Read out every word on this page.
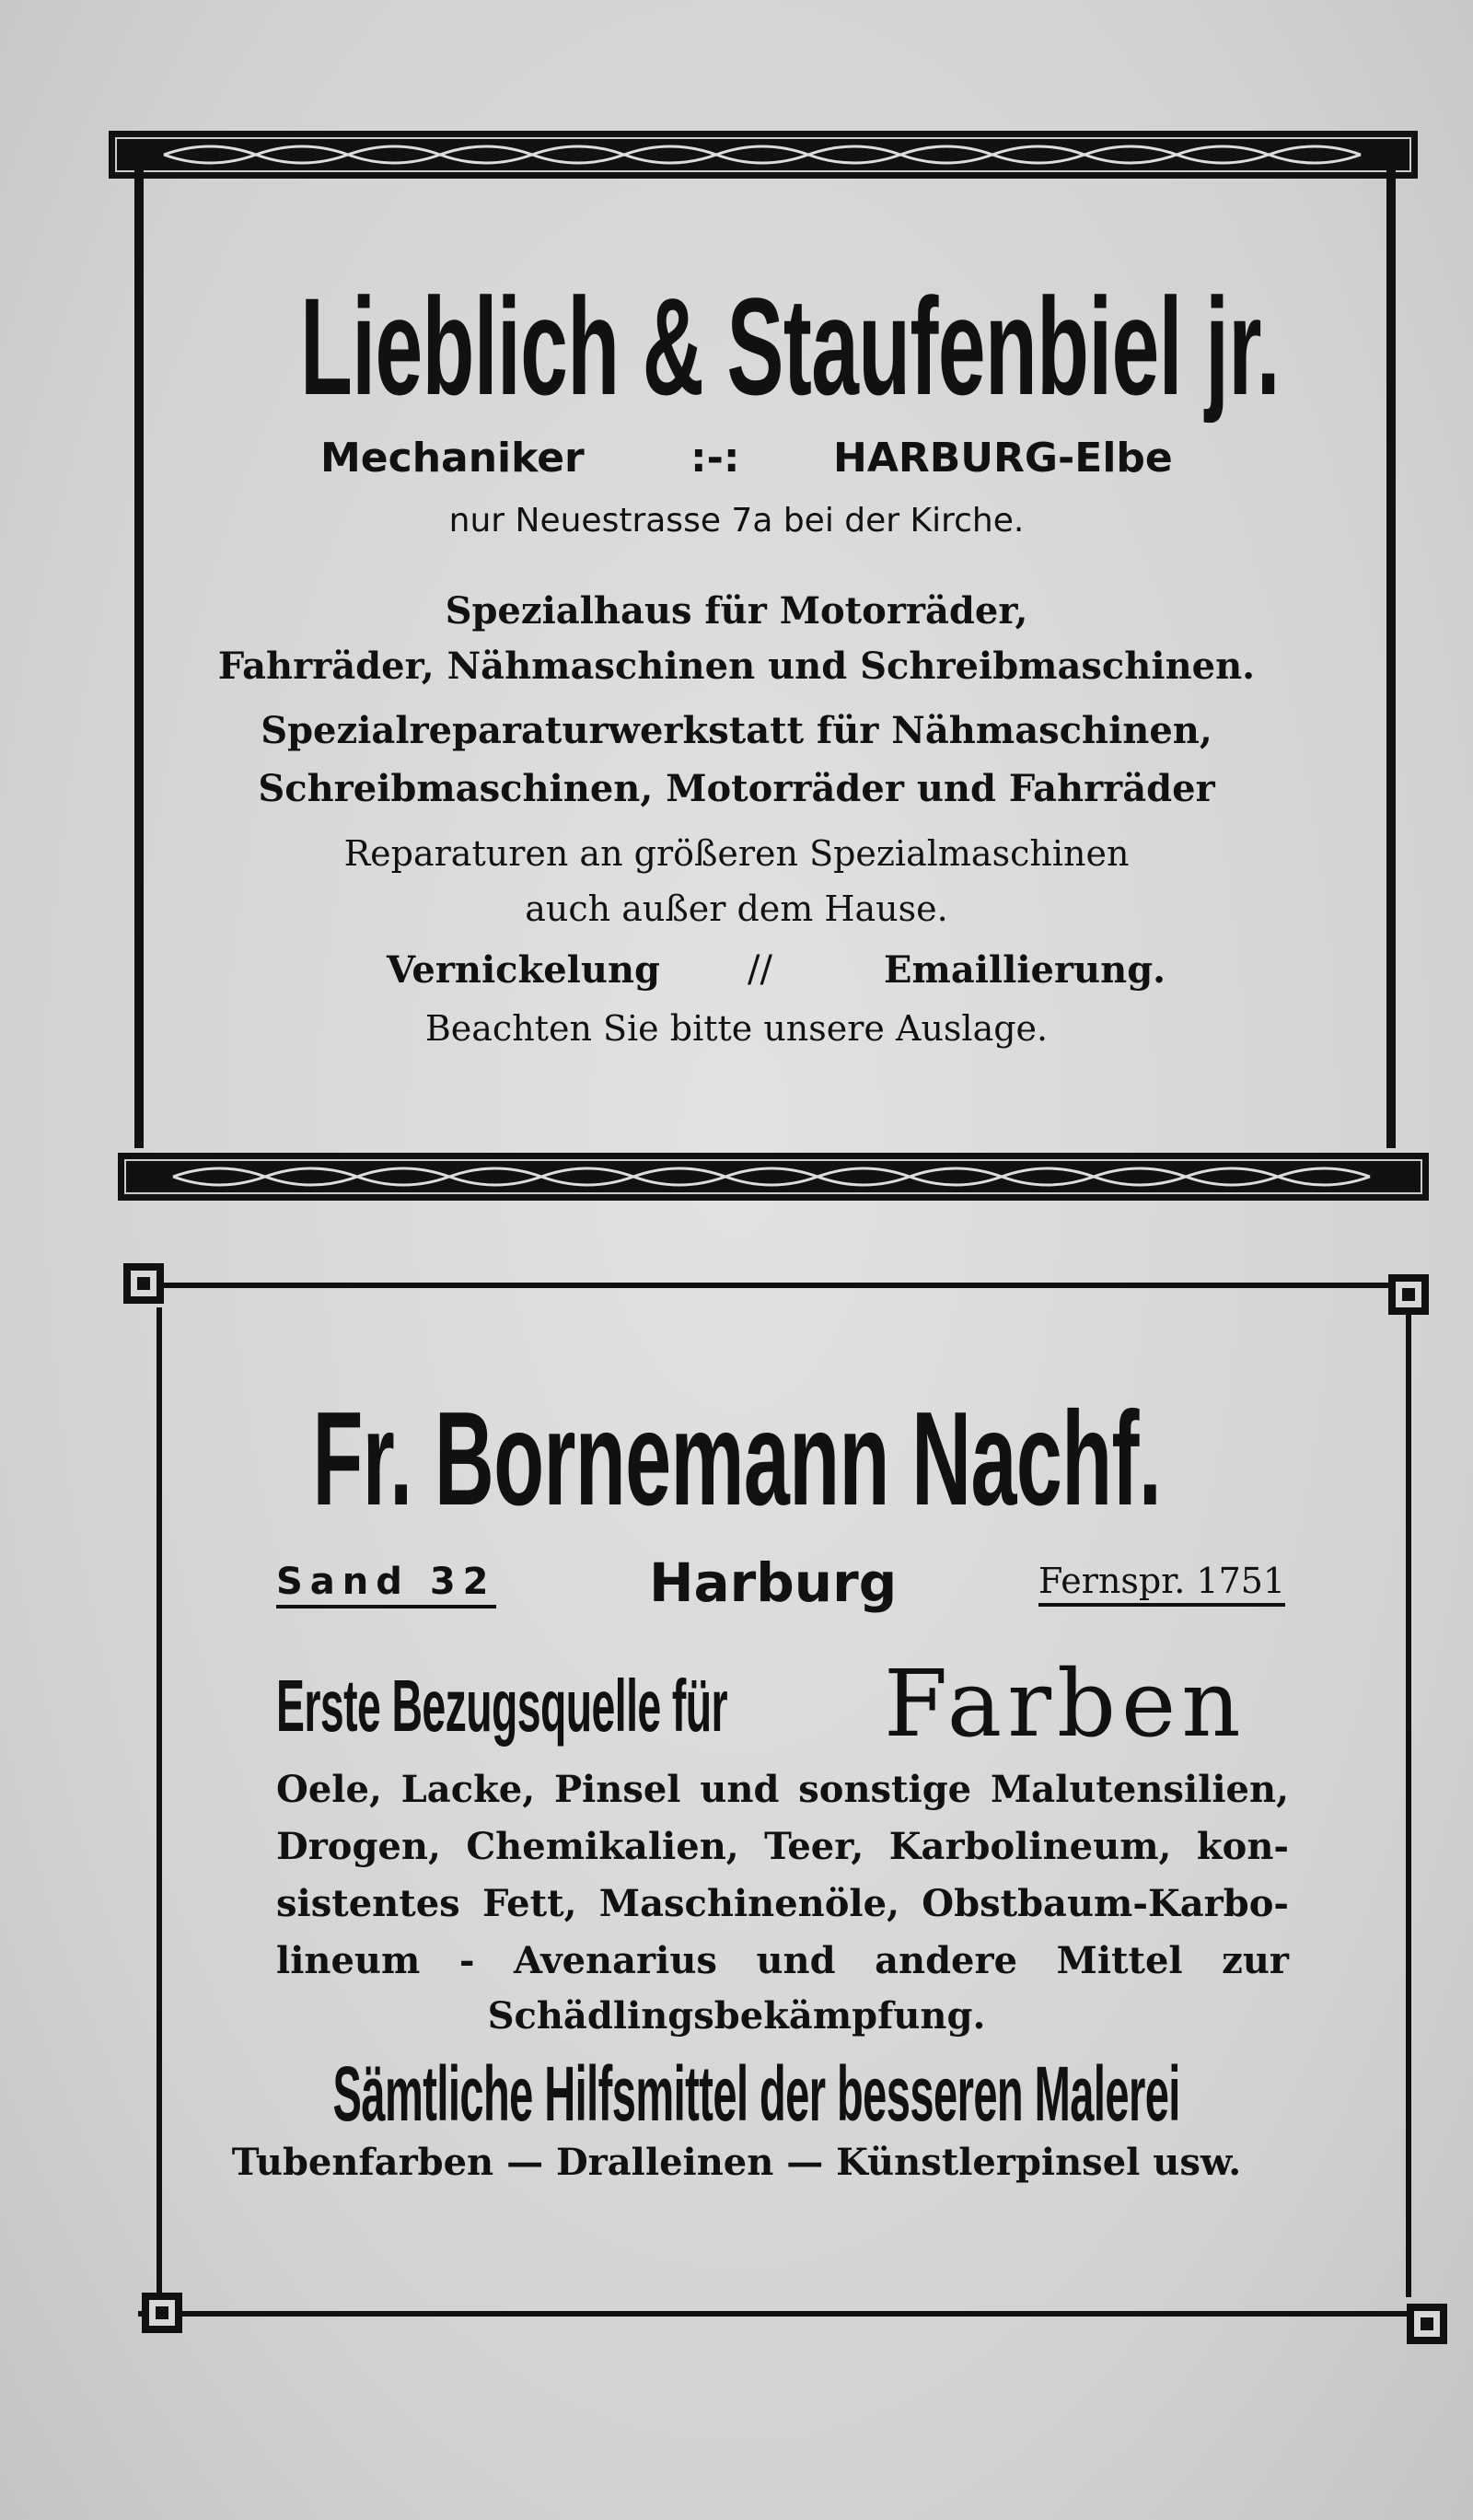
Lieblich & Staufenbiel jr.
Mechaniker	:-: HARBURG-Elbe
nur Neuestrasse 7a bei der Kirche.
Spezialhaus für Motorräder,
Fahrräder, Nähmaschinen und Schreibmaschinen.
Spezialreparaturwerkstatt für Nähmaschinen,
Schreibmaschinen, Motorräder und Fahrräder
Reparaturen an größeren Spezialmaschinen
auch außer dem Hause.
Vernickelung //	Emaillierung.
Beachten Sie bitte unsere Auslage.
Fr. Bornemann Nachf.
Sand 32	Harburg	Fernspr. 1751
Erste Bezugsquelle für	Farben
Oele, Lacke, Pinsel und sonstige Malutensilien,
Drogen, Chemikalien, Teer, Karbolineum, kon-
sistentes Fett, Maschinenöle, Obstbaum-Karbo-
lineum - Avenarius und andere Mittel zur
Schädlingsbekämpfung.
Sämtliche Hilfsmittel der besseren Malerei
Tubenfarben — Dralleinen — Künstlerpinsel usw.
